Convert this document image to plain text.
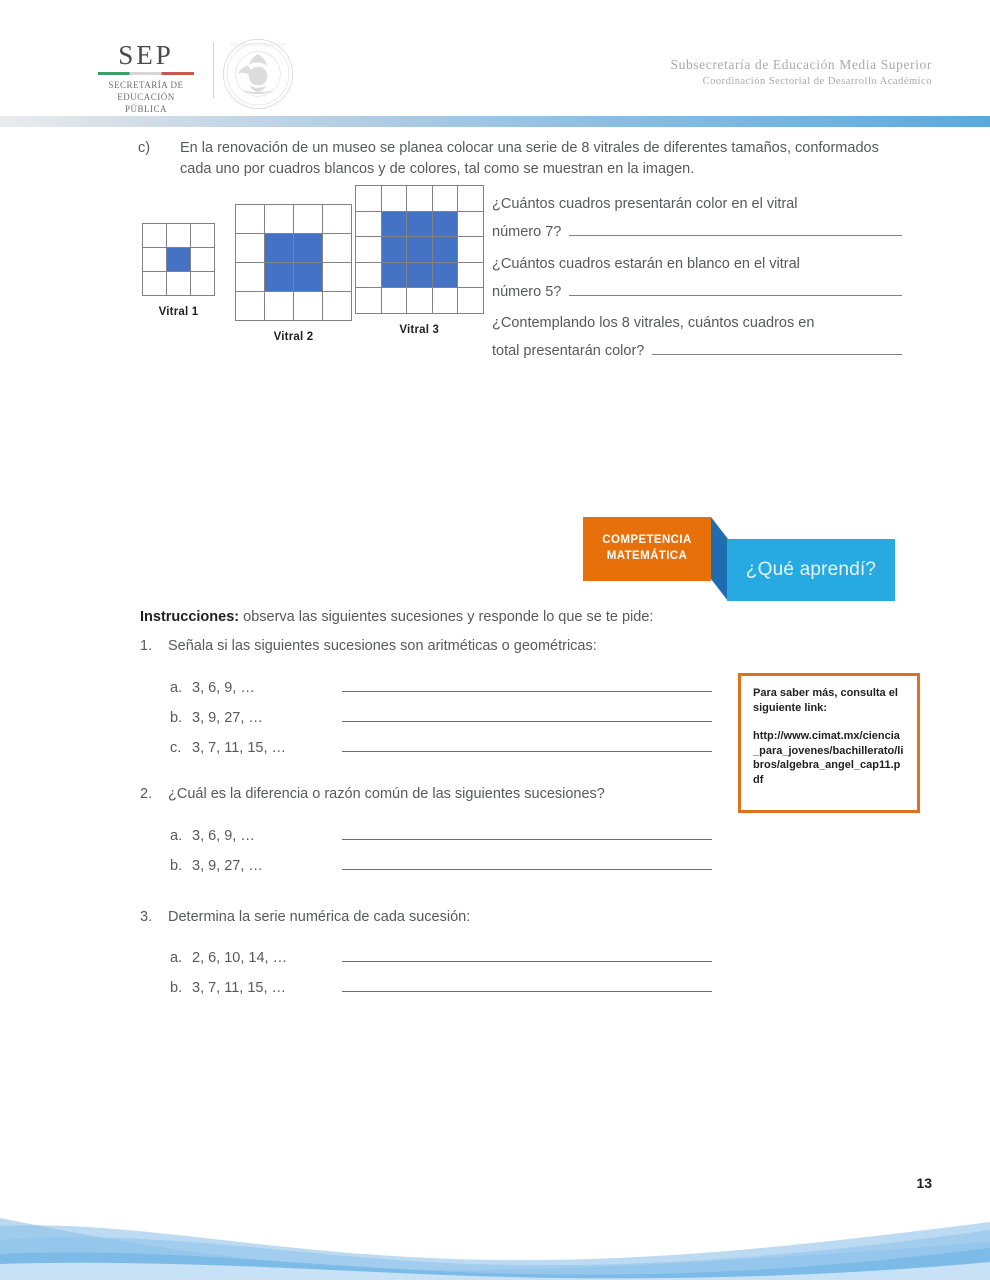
SEP
SECRETARÍA DE
EDUCACIÓN PÚBLICA
ESTADOS UNIDOS MEXICANOS
Subsecretaría de Educación Media Superior
Coordinación Sectorial de Desarrollo Académico
c)	En la renovación de un museo se planea colocar una serie de 8 vitrales de diferentes tamaños, conformados cada uno por cuadros blancos y de colores, tal como se muestran en la imagen.
Vitral 1
Vitral 2
Vitral 3
¿Cuántos cuadros presentarán color en el vitral
número 7?
¿Cuántos cuadros estarán en blanco en el vitral
número 5?
¿Contemplando los 8 vitrales, cuántos cuadros en
total presentarán color?
COMPETENCIA
MATEMÁTICA
¿Qué aprendí?
Instrucciones: observa las siguientes sucesiones y responde lo que se te pide:
1.	Señala si las siguientes sucesiones son aritméticas o geométricas:
a. 3, 6, 9, …
b. 3, 9, 27, …
c. 3, 7, 11, 15, …
2.	¿Cuál es la diferencia o razón común de las siguientes sucesiones?
a. 3, 6, 9, …
b. 3, 9, 27, …
3.	Determina la serie numérica de cada sucesión:
a. 2, 6, 10, 14, …
b. 3, 7, 11, 15, …
Para saber más, consulta el siguiente link:
http://www.cimat.mx/ciencia_para_jovenes/bachillerato/libros/algebra_angel_cap11.pdf
13
